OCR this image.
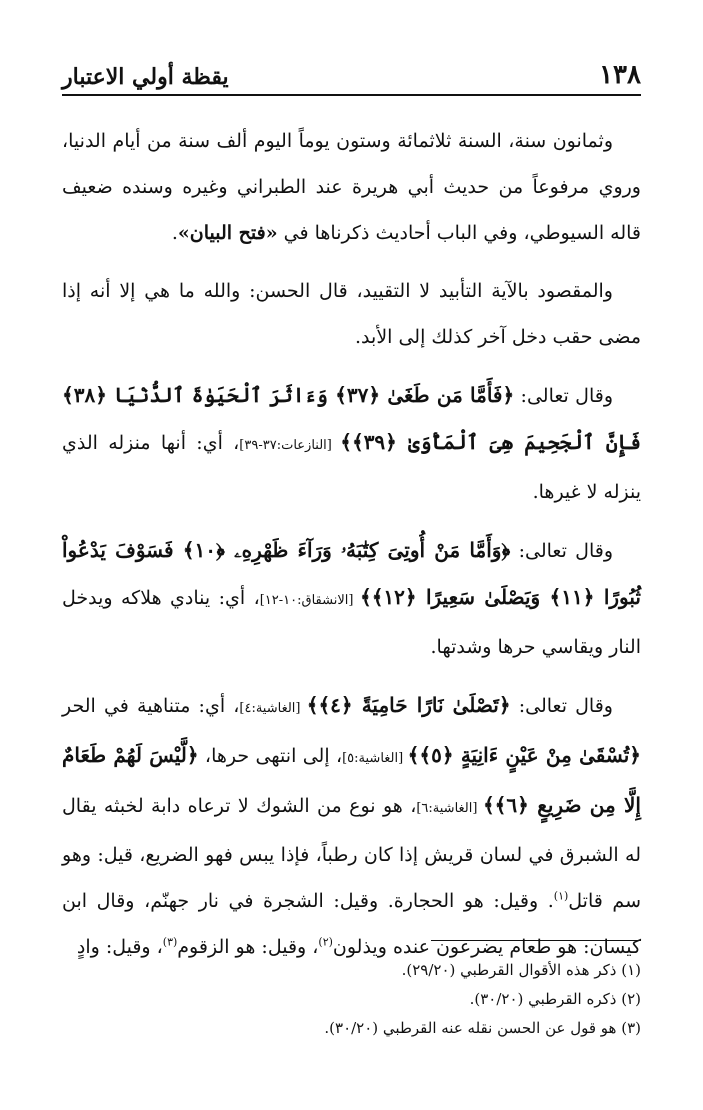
١٣٨
يقظة أولي الاعتبار

وثمانون سنة، السنة ثلاثمائة وستون يوماً اليوم ألف سنة من أيام الدنيا، وروي مرفوعاً من حديث أبي هريرة عند الطبراني وغيره وسنده ضعيف قاله السيوطي، وفي الباب أحاديث ذكرناها في «فتح البيان».

والمقصود بالآية التأبيد لا التقييد، قال الحسن: والله ما هي إلا أنه إذا مضى حقب دخل آخر كذلك إلى الأبد.

وقال تعالى: ﴿فَأَمَّا مَن طَغَىٰ ﴿٣٧﴾ وَءَاثَرَ ٱلْحَيَوٰةَ ٱلدُّنْيَا ﴿٣٨﴾ فَإِنَّ ٱلْجَحِيمَ هِىَ ٱلْمَأْوَىٰ ﴿٣٩﴾﴾ [النازعات:٣٧-٣٩]، أي: أنها منزله الذي ينزله لا غيرها.

وقال تعالى: ﴿وَأَمَّا مَنْ أُوتِىَ كِتَٰبَهُۥ وَرَآءَ ظَهْرِهِۦ ﴿١٠﴾ فَسَوْفَ يَدْعُواْ ثُبُورًا ﴿١١﴾ وَيَصْلَىٰ سَعِيرًا ﴿١٢﴾﴾ [الانشقاق:١٠-١٢]، أي: ينادي هلاكه ويدخل النار ويقاسي حرها وشدتها.

وقال تعالى: ﴿تَصْلَىٰ نَارًا حَامِيَةً ﴿٤﴾﴾ [الغاشية:٤]، أي: متناهية في الحر ﴿تُسْقَىٰ مِنْ عَيْنٍ ءَانِيَةٍ ﴿٥﴾﴾ [الغاشية:٥]، إلى انتهى حرها، ﴿لَّيْسَ لَهُمْ طَعَامٌ إِلَّا مِن ضَرِيعٍ ﴿٦﴾﴾ [الغاشية:٦]، هو نوع من الشوك لا ترعاه دابة لخبثه يقال له الشبرق في لسان قريش إذا كان رطباً، فإذا يبس فهو الضريع، قيل: وهو سم قاتل$^{(١)}$. وقيل: هو الحجارة. وقيل: الشجرة في نار جهنّم، وقال ابن كيسان: هو طعام يضرعون عنده ويذلون$^{(٢)}$، وقيل: هو الزقوم$^{(٣)}$، وقيل: وادٍ

(١) ذكر هذه الأقوال القرطبي (٢٩/٢٠).
(٢) ذكره القرطبي (٣٠/٢٠).
(٣) هو قول عن الحسن نقله عنه القرطبي (٣٠/٢٠).
